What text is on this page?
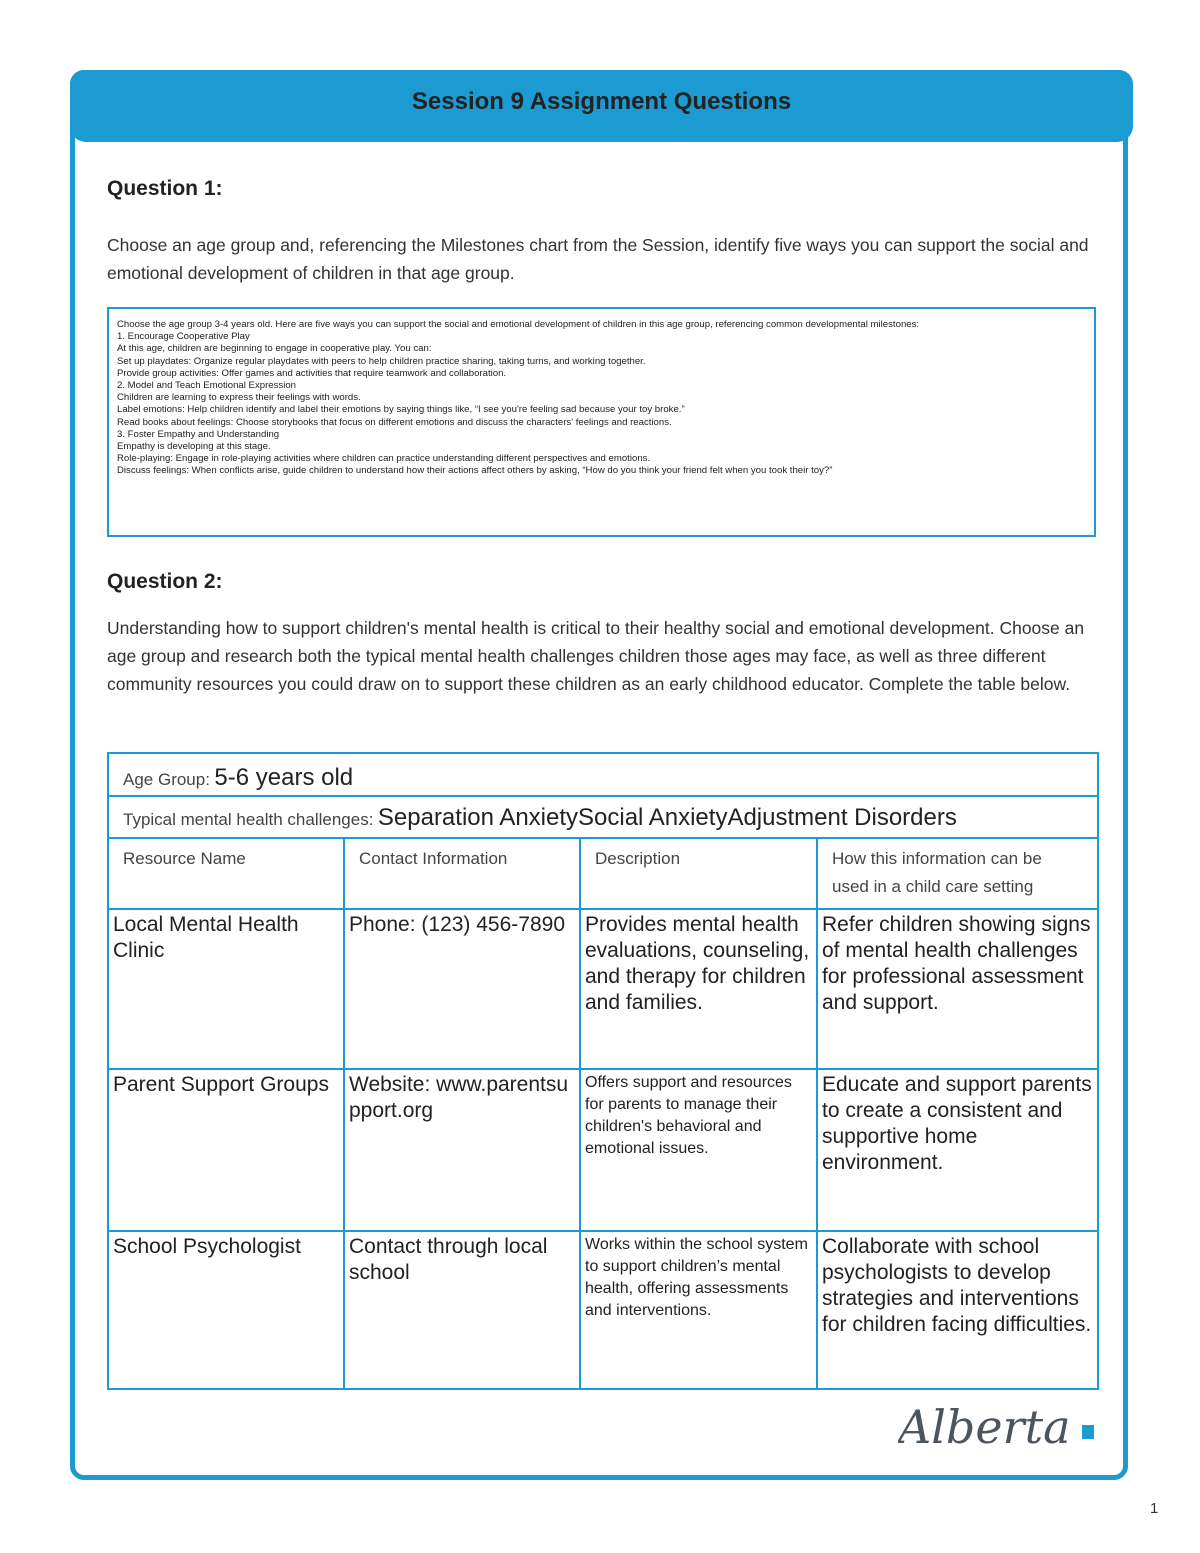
Session 9 Assignment Questions
Question 1:
Choose an age group and, referencing the Milestones chart from the Session, identify five ways you can support the social and emotional development of children in that age group.
Choose the age group 3-4 years old. Here are five ways you can support the social and emotional development of children in this age group, referencing common developmental milestones:
1. Encourage Cooperative Play
At this age, children are beginning to engage in cooperative play. You can:
Set up playdates: Organize regular playdates with peers to help children practice sharing, taking turns, and working together.
Provide group activities: Offer games and activities that require teamwork and collaboration.
2. Model and Teach Emotional Expression
Children are learning to express their feelings with words.
Label emotions: Help children identify and label their emotions by saying things like, “I see you're feeling sad because your toy broke.”
Read books about feelings: Choose storybooks that focus on different emotions and discuss the characters' feelings and reactions.
3. Foster Empathy and Understanding
Empathy is developing at this stage.
Role-playing: Engage in role-playing activities where children can practice understanding different perspectives and emotions.
Discuss feelings: When conflicts arise, guide children to understand how their actions affect others by asking, “How do you think your friend felt when you took their toy?”
Question 2:
Understanding how to support children's mental health is critical to their healthy social and emotional development. Choose an age group and research both the typical mental health challenges children those ages may face, as well as three different community resources you could draw on to support these children as an early childhood educator. Complete the table below.
Age Group: 5-6 years old			
Typical mental health challenges: Separation AnxietySocial AnxietyAdjustment Disorders			
Resource Name	Contact Information	Description	How this information can be used in a child care setting
Local Mental Health Clinic	Phone: (123) 456-7890	Provides mental health evaluations, counseling, and therapy for children and families.	Refer children showing signs of mental health challenges for professional assessment and support.
Parent Support Groups	Website: www.parentsupport.org	Offers support and resources for parents to manage their children's behavioral and emotional issues.	Educate and support parents to create a consistent and supportive home environment.
School Psychologist	Contact through local school	Works within the school system to support children’s mental health, offering assessments and interventions.	Collaborate with school psychologists to develop strategies and interventions for children facing difficulties.
Alberta
1
